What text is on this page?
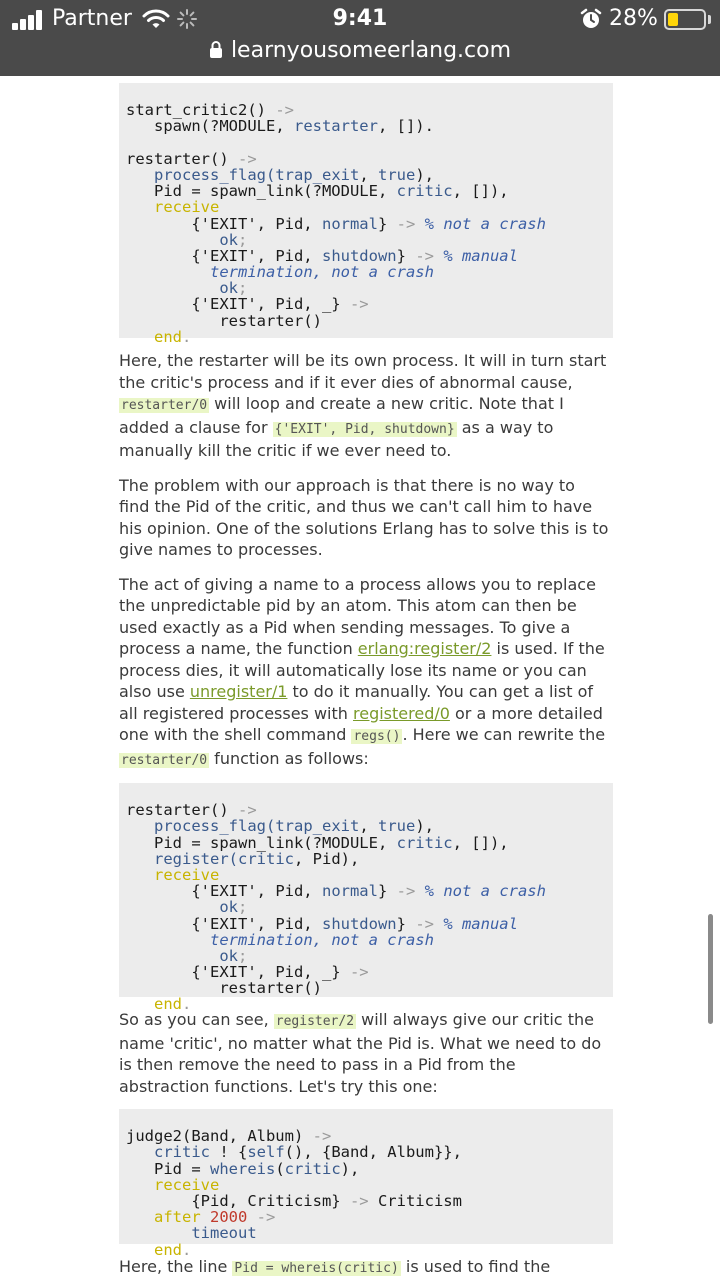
Partner	9:41	28%
learnyousomeerlang.com

start_critic2() ->
spawn(?MODULE, restarter, []).
restarter() ->
process_flag(trap_exit, true),
Pid = spawn_link(?MODULE, critic, []),
receive
{'EXIT', Pid, normal} -> % not a crash
ok;
{'EXIT', Pid, shutdown} -> % manual
termination, not a crash
ok;
{'EXIT', Pid, _} ->
restarter()
end.

Here, the restarter will be its own process. It will in turn start the critic's process and if it ever dies of abnormal cause, restarter/0 will loop and create a new critic. Note that I added a clause for {'EXIT', Pid, shutdown} as a way to manually kill the critic if we ever need to.

The problem with our approach is that there is no way to find the Pid of the critic, and thus we can't call him to have his opinion. One of the solutions Erlang has to solve this is to give names to processes.

The act of giving a name to a process allows you to replace the unpredictable pid by an atom. This atom can then be used exactly as a Pid when sending messages. To give a process a name, the function erlang:register/2 is used. If the process dies, it will automatically lose its name or you can also use unregister/1 to do it manually. You can get a list of all registered processes with registered/0 or a more detailed one with the shell command regs() . Here we can rewrite the restarter/0 function as follows:

restarter() ->
process_flag(trap_exit, true),
Pid = spawn_link(?MODULE, critic, []),
register(critic, Pid),
receive
{'EXIT', Pid, normal} -> % not a crash
ok;
{'EXIT', Pid, shutdown} -> % manual
termination, not a crash
ok;
{'EXIT', Pid, _} ->
restarter()
end.

So as you can see, register/2 will always give our critic the name 'critic', no matter what the Pid is. What we need to do is then remove the need to pass in a Pid from the abstraction functions. Let's try this one:

judge2(Band, Album) ->
critic ! {self(), {Band, Album}},
Pid = whereis(critic),
receive
{Pid, Criticism} -> Criticism
after 2000 ->
timeout
end.

Here, the line Pid = whereis(critic) is used to find the
